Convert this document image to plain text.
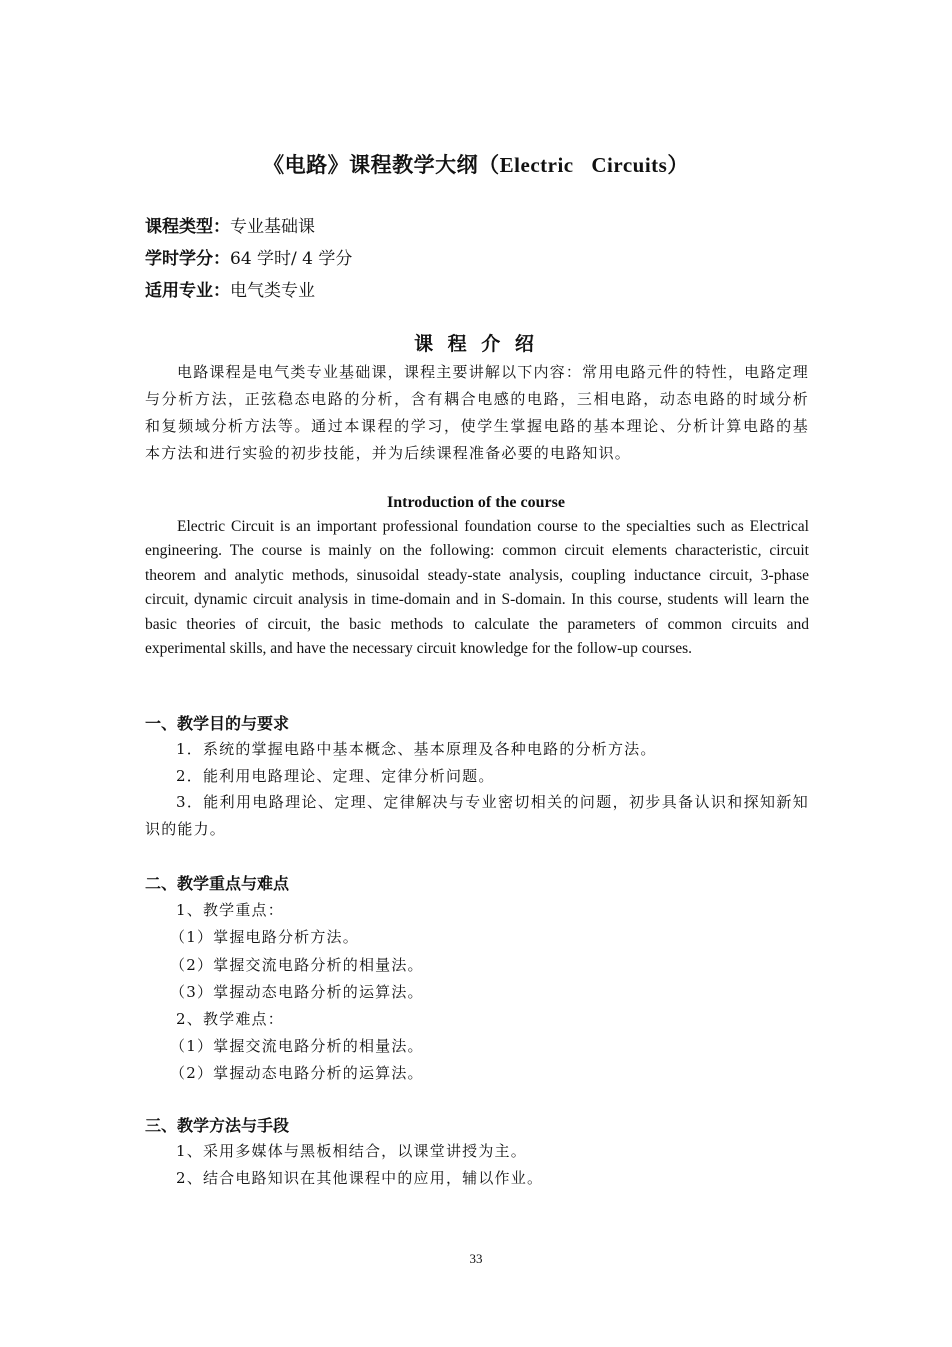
《电路》课程教学大纲（Electric Circuits）
课程类型：专业基础课
学时学分：64 学时/ 4 学分
适用专业：电气类专业
课 程 介 绍
电路课程是电气类专业基础课，课程主要讲解以下内容：常用电路元件的特性，电路定理与分析方法，正弦稳态电路的分析，含有耦合电感的电路，三相电路，动态电路的时域分析和复频域分析方法等。通过本课程的学习，使学生掌握电路的基本理论、分析计算电路的基本方法和进行实验的初步技能，并为后续课程准备必要的电路知识。
Introduction of the course
Electric Circuit is an important professional foundation course to the specialties such as Electrical engineering. The course is mainly on the following: common circuit elements characteristic, circuit theorem and analytic methods, sinusoidal steady-state analysis, coupling inductance circuit, 3-phase circuit, dynamic circuit analysis in time-domain and in S-domain. In this course, students will learn the basic theories of circuit, the basic methods to calculate the parameters of common circuits and experimental skills, and have the necessary circuit knowledge for the follow-up courses.
一、教学目的与要求
1．系统的掌握电路中基本概念、基本原理及各种电路的分析方法。
2．能利用电路理论、定理、定律分析问题。
3．能利用电路理论、定理、定律解决与专业密切相关的问题，初步具备认识和探知新知识的能力。
二、教学重点与难点
1、教学重点：
（1）掌握电路分析方法。
（2）掌握交流电路分析的相量法。
（3）掌握动态电路分析的运算法。
2、教学难点：
（1）掌握交流电路分析的相量法。
（2）掌握动态电路分析的运算法。
三、教学方法与手段
1、采用多媒体与黑板相结合，以课堂讲授为主。
2、结合电路知识在其他课程中的应用，辅以作业。
33
